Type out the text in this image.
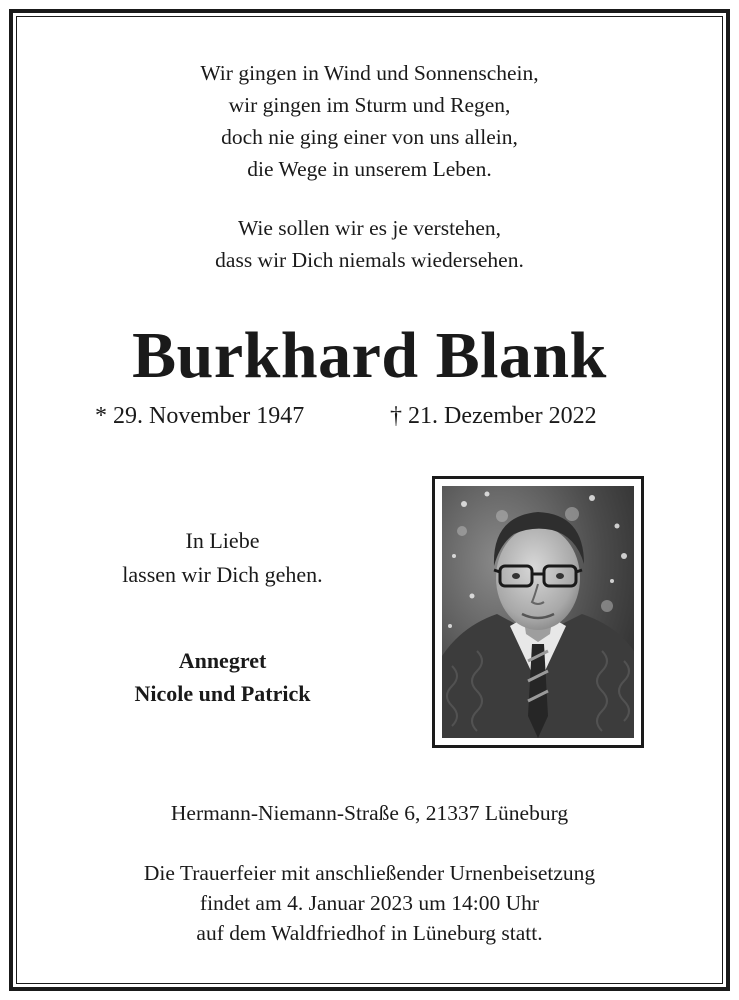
Wir gingen in Wind und Sonnenschein,
wir gingen im Sturm und Regen,
doch nie ging einer von uns allein,
die Wege in unserem Leben.
Wie sollen wir es je verstehen,
dass wir Dich niemals wiedersehen.
Burkhard Blank
* 29. November 1947	† 21. Dezember 2022
In Liebe
lassen wir Dich gehen.
Annegret
Nicole und Patrick
Hermann-Niemann-Straße 6, 21337 Lüneburg
Die Trauerfeier mit anschließender Urnenbeisetzung
findet am 4. Januar 2023 um 14:00 Uhr
auf dem Waldfriedhof in Lüneburg statt.
